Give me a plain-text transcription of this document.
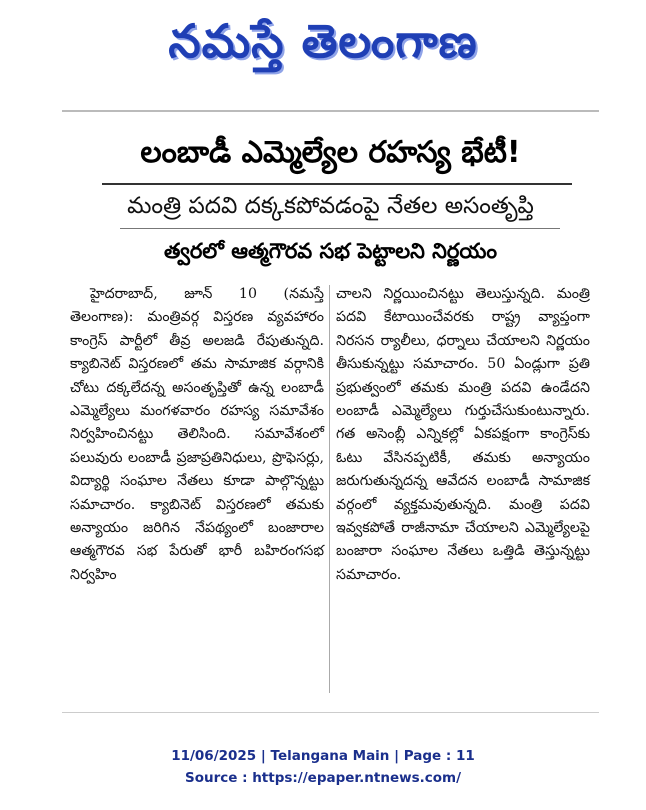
నమస్తే తెలంగాణ
లంబాడీ ఎమ్మెల్యేల రహస్య భేటీ!
మంత్రి పదవి దక్కకపోవడంపై నేతల అసంతృప్తి
త్వరలో ఆత్మగౌరవ సభ పెట్టాలని నిర్ణయం

హైదరాబాద్, జూన్ 10 (నమస్తే తెలంగాణ): మంత్రివర్గ విస్తరణ వ్యవహారం కాంగ్రెస్ పార్టీలో తీవ్ర అలజడి రేపుతున్నది. క్యాబినెట్ విస్తరణలో తమ సామాజిక వర్గానికి చోటు దక్కలేదన్న అసంతృప్తితో ఉన్న లంబాడీ ఎమ్మెల్యేలు మంగళవారం రహస్య సమావేశం నిర్వహించినట్టు తెలిసింది. సమావేశంలో పలువురు లంబాడీ ప్రజాప్రతినిధులు, ప్రొఫెసర్లు, విద్యార్థి సంఘాల నేతలు కూడా పాల్గొన్నట్టు సమాచారం. క్యాబినెట్ విస్తరణలో తమకు అన్యాయం జరిగిన నేపథ్యంలో బంజారాల ఆత్మగౌరవ సభ పేరుతో భారీ బహిరంగసభ నిర్వహిం

చాలని నిర్ణయించినట్టు తెలుస్తున్నది. మంత్రి పదవి కేటాయించేవరకు రాష్ట్ర వ్యాప్తంగా నిరసన ర్యాలీలు, ధర్నాలు చేయాలని నిర్ణయం తీసుకున్నట్టు సమాచారం. 50 ఏండ్లుగా ప్రతి ప్రభుత్వంలో తమకు మంత్రి పదవి ఉండేదని లంబాడీ ఎమ్మెల్యేలు గుర్తుచేసుకుంటున్నారు. గత అసెంబ్లీ ఎన్నికల్లో ఏకపక్షంగా కాంగ్రెస్‌కు ఓటు వేసినప్పటికీ, తమకు అన్యాయం జరుగుతున్నదన్న ఆవేదన లంబాడీ సామాజిక వర్గంలో వ్యక్తమవుతున్నది. మంత్రి పదవి ఇవ్వకపోతే రాజీనామా చేయాలని ఎమ్మెల్యేలపై బంజారా సంఘాల నేతలు ఒత్తిడి తెస్తున్నట్టు సమాచారం.

11/06/2025 | Telangana Main | Page : 11
Source : https://epaper.ntnews.com/
